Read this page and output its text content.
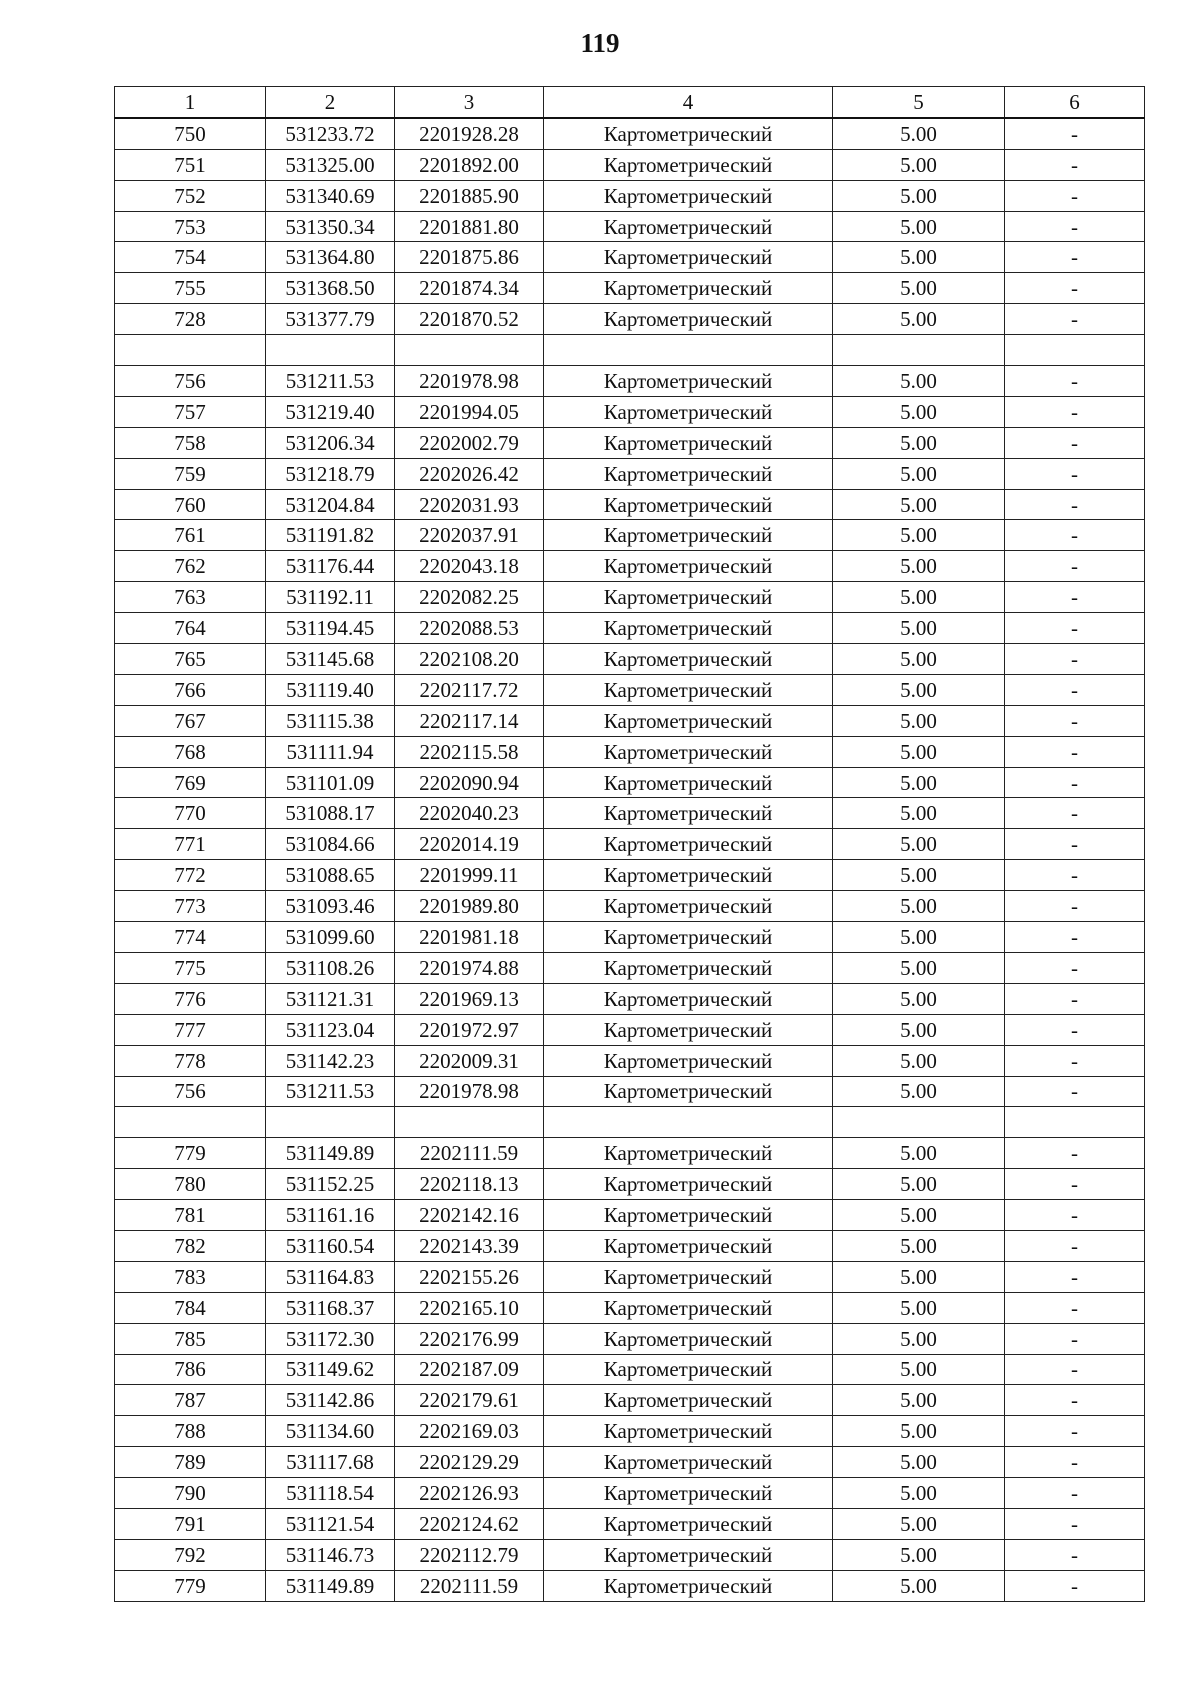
119
1	2	3	4	5	6
750	531233.72	2201928.28	Картометрический	5.00	-
751	531325.00	2201892.00	Картометрический	5.00	-
752	531340.69	2201885.90	Картометрический	5.00	-
753	531350.34	2201881.80	Картометрический	5.00	-
754	531364.80	2201875.86	Картометрический	5.00	-
755	531368.50	2201874.34	Картометрический	5.00	-
728	531377.79	2201870.52	Картометрический	5.00	-

756	531211.53	2201978.98	Картометрический	5.00	-
757	531219.40	2201994.05	Картометрический	5.00	-
758	531206.34	2202002.79	Картометрический	5.00	-
759	531218.79	2202026.42	Картометрический	5.00	-
760	531204.84	2202031.93	Картометрический	5.00	-
761	531191.82	2202037.91	Картометрический	5.00	-
762	531176.44	2202043.18	Картометрический	5.00	-
763	531192.11	2202082.25	Картометрический	5.00	-
764	531194.45	2202088.53	Картометрический	5.00	-
765	531145.68	2202108.20	Картометрический	5.00	-
766	531119.40	2202117.72	Картометрический	5.00	-
767	531115.38	2202117.14	Картометрический	5.00	-
768	531111.94	2202115.58	Картометрический	5.00	-
769	531101.09	2202090.94	Картометрический	5.00	-
770	531088.17	2202040.23	Картометрический	5.00	-
771	531084.66	2202014.19	Картометрический	5.00	-
772	531088.65	2201999.11	Картометрический	5.00	-
773	531093.46	2201989.80	Картометрический	5.00	-
774	531099.60	2201981.18	Картометрический	5.00	-
775	531108.26	2201974.88	Картометрический	5.00	-
776	531121.31	2201969.13	Картометрический	5.00	-
777	531123.04	2201972.97	Картометрический	5.00	-
778	531142.23	2202009.31	Картометрический	5.00	-
756	531211.53	2201978.98	Картометрический	5.00	-

779	531149.89	2202111.59	Картометрический	5.00	-
780	531152.25	2202118.13	Картометрический	5.00	-
781	531161.16	2202142.16	Картометрический	5.00	-
782	531160.54	2202143.39	Картометрический	5.00	-
783	531164.83	2202155.26	Картометрический	5.00	-
784	531168.37	2202165.10	Картометрический	5.00	-
785	531172.30	2202176.99	Картометрический	5.00	-
786	531149.62	2202187.09	Картометрический	5.00	-
787	531142.86	2202179.61	Картометрический	5.00	-
788	531134.60	2202169.03	Картометрический	5.00	-
789	531117.68	2202129.29	Картометрический	5.00	-
790	531118.54	2202126.93	Картометрический	5.00	-
791	531121.54	2202124.62	Картометрический	5.00	-
792	531146.73	2202112.79	Картометрический	5.00	-
779	531149.89	2202111.59	Картометрический	5.00	-
